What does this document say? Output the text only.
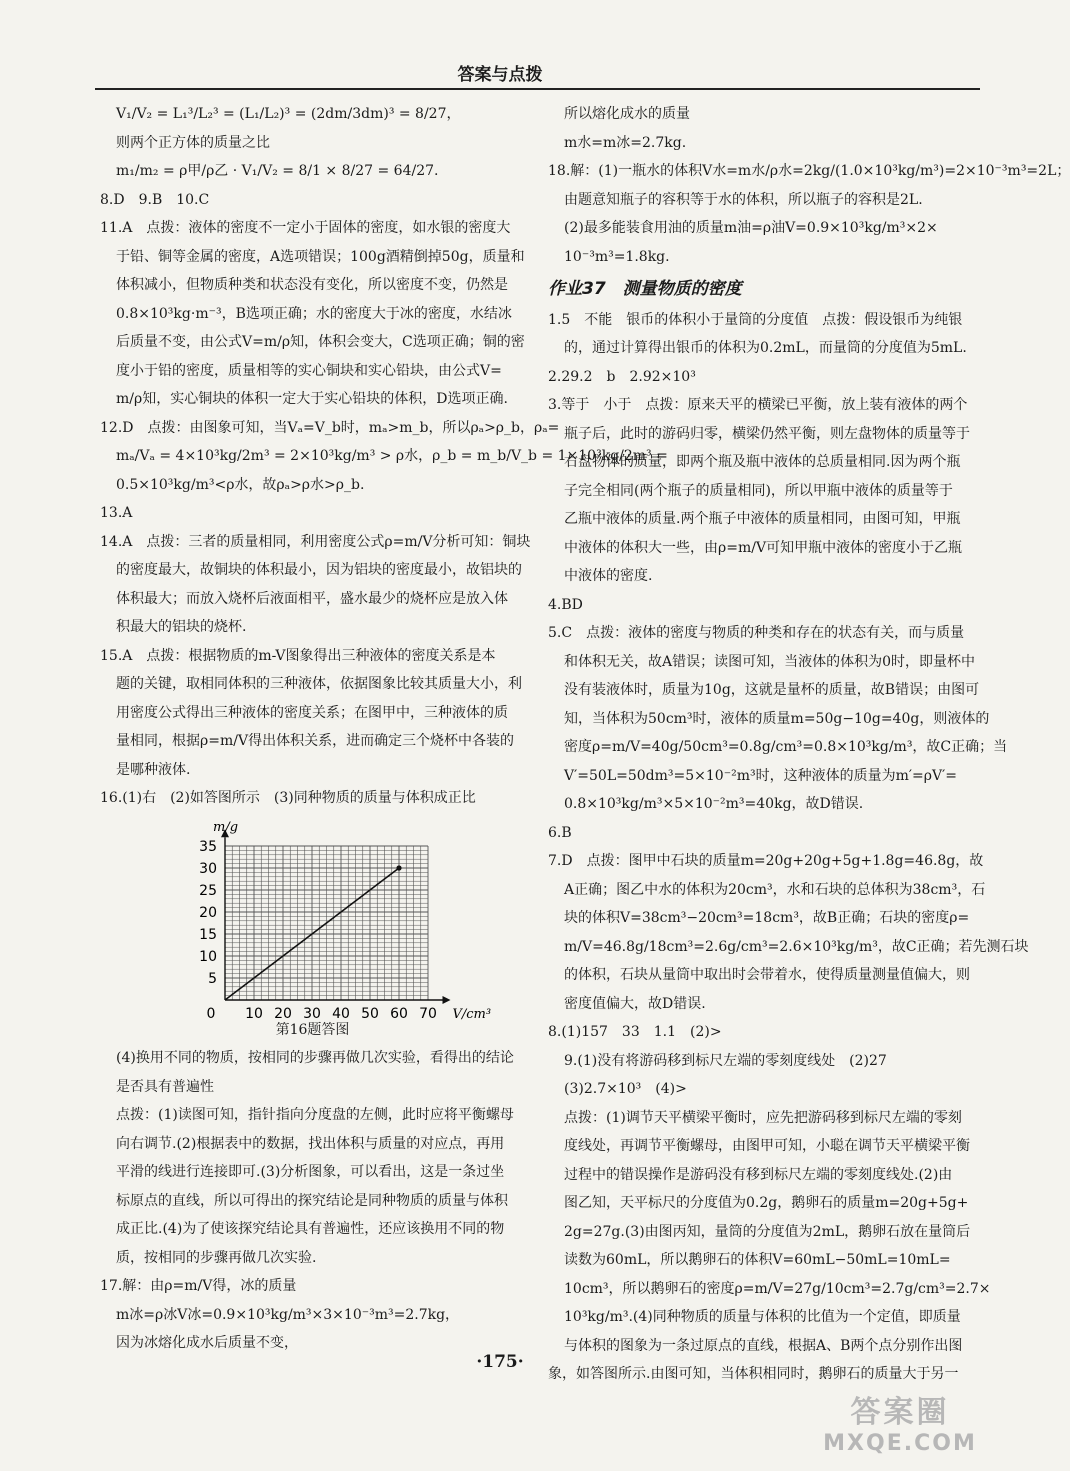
答案与点拨
V₁/V₂ = L₁³/L₂³ = (L₁/L₂)³ = (2dm/3dm)³ = 8/27，
则两个正方体的质量之比
m₁/m₂ = ρ甲/ρ乙 · V₁/V₂ = 8/1 × 8/27 = 64/27.
8.D　9.B　10.C
11.A　点拨：液体的密度不一定小于固体的密度，如水银的密度大
于铅、铜等金属的密度，A选项错误；100g酒精倒掉50g，质量和
体积减小，但物质种类和状态没有变化，所以密度不变，仍然是
0.8×10³kg·m⁻³，B选项正确；水的密度大于冰的密度，水结冰
后质量不变，由公式V=m/ρ知，体积会变大，C选项正确；铜的密
度小于铅的密度，质量相等的实心铜块和实心铅块，由公式V=
m/ρ知，实心铜块的体积一定大于实心铅块的体积，D选项正确.
12.D　点拨：由图象可知，当Vₐ=V_b时，mₐ>m_b，所以ρₐ>ρ_b，ρₐ=
mₐ/Vₐ = 4×10³kg/2m³ = 2×10³kg/m³ > ρ水，ρ_b = m_b/V_b = 1×10³kg/2m³ =
0.5×10³kg/m³<ρ水，故ρₐ>ρ水>ρ_b.
13.A
14.A　点拨：三者的质量相同，利用密度公式ρ=m/V分析可知：铜块
的密度最大，故铜块的体积最小，因为铝块的密度最小，故铝块的
体积最大；而放入烧杯后液面相平，盛水最少的烧杯应是放入体
积最大的铝块的烧杯.
15.A　点拨：根据物质的m-V图象得出三种液体的密度关系是本
题的关键，取相同体积的三种液体，依据图象比较其质量大小，利
用密度公式得出三种液体的密度关系；在图甲中，三种液体的质
量相同，根据ρ=m/V得出体积关系，进而确定三个烧杯中各装的
是哪种液体.
16.(1)右　(2)如答图所示　(3)同种物质的质量与体积成正比
0 10 20 30 40 50 60 70
5
10
15
20
25
30
35
m/g
V/cm³
第16题答图
(4)换用不同的物质，按相同的步骤再做几次实验，看得出的结论
是否具有普遍性
点拨：(1)读图可知，指针指向分度盘的左侧，此时应将平衡螺母
向右调节.(2)根据表中的数据，找出体积与质量的对应点，再用
平滑的线进行连接即可.(3)分析图象，可以看出，这是一条过坐
标原点的直线，所以可得出的探究结论是同种物质的质量与体积
成正比.(4)为了使该探究结论具有普遍性，还应该换用不同的物
质，按相同的步骤再做几次实验.
17.解：由ρ=m/V得，冰的质量
m冰=ρ冰V冰=0.9×10³kg/m³×3×10⁻³m³=2.7kg，
因为冰熔化成水后质量不变，
所以熔化成水的质量
m水=m冰=2.7kg.
18.解：(1)一瓶水的体积V水=m水/ρ水=2kg/(1.0×10³kg/m³)=2×10⁻³m³=2L；
由题意知瓶子的容积等于水的体积，所以瓶子的容积是2L.
(2)最多能装食用油的质量m油=ρ油V=0.9×10³kg/m³×2×
10⁻³m³=1.8kg.
作业37　测量物质的密度
1.5　不能　银币的体积小于量筒的分度值　点拨：假设银币为纯银
的，通过计算得出银币的体积为0.2mL，而量筒的分度值为5mL.
2.29.2　b　2.92×10³
3.等于　小于　点拨：原来天平的横梁已平衡，放上装有液体的两个
瓶子后，此时的游码归零，横梁仍然平衡，则左盘物体的质量等于
右盘物体的质量，即两个瓶及瓶中液体的总质量相同.因为两个瓶
子完全相同(两个瓶子的质量相同)，所以甲瓶中液体的质量等于
乙瓶中液体的质量.两个瓶子中液体的质量相同，由图可知，甲瓶
中液体的体积大一些，由ρ=m/V可知甲瓶中液体的密度小于乙瓶
中液体的密度.
4.BD
5.C　点拨：液体的密度与物质的种类和存在的状态有关，而与质量
和体积无关，故A错误；读图可知，当液体的体积为0时，即量杯中
没有装液体时，质量为10g，这就是量杯的质量，故B错误；由图可
知，当体积为50cm³时，液体的质量m=50g−10g=40g，则液体的
密度ρ=m/V=40g/50cm³=0.8g/cm³=0.8×10³kg/m³，故C正确；当
V′=50L=50dm³=5×10⁻²m³时，这种液体的质量为m′=ρV′=
0.8×10³kg/m³×5×10⁻²m³=40kg，故D错误.
6.B
7.D　点拨：图甲中石块的质量m=20g+20g+5g+1.8g=46.8g，故
A正确；图乙中水的体积为20cm³，水和石块的总体积为38cm³，石
块的体积V=38cm³−20cm³=18cm³，故B正确；石块的密度ρ=
m/V=46.8g/18cm³=2.6g/cm³=2.6×10³kg/m³，故C正确；若先测石块
的体积，石块从量筒中取出时会带着水，使得质量测量值偏大，则
密度值偏大，故D错误.
8.(1)157　33　1.1　(2)>
9.(1)没有将游码移到标尺左端的零刻度线处　(2)27
(3)2.7×10³　(4)>
点拨：(1)调节天平横梁平衡时，应先把游码移到标尺左端的零刻
度线处，再调节平衡螺母，由图甲可知，小聪在调节天平横梁平衡
过程中的错误操作是游码没有移到标尺左端的零刻度线处.(2)由
图乙知，天平标尺的分度值为0.2g，鹅卵石的质量m=20g+5g+
2g=27g.(3)由图丙知，量筒的分度值为2mL，鹅卵石放在量筒后
读数为60mL，所以鹅卵石的体积V=60mL−50mL=10mL=
10cm³，所以鹅卵石的密度ρ=m/V=27g/10cm³=2.7g/cm³=2.7×
10³kg/m³.(4)同种物质的质量与体积的比值为一个定值，即质量
与体积的图象为一条过原点的直线，根据A、B两个点分别作出图
象，如答图所示.由图可知，当体积相同时，鹅卵石的质量大于另一
·175·
答案圈
MXQE.COM
